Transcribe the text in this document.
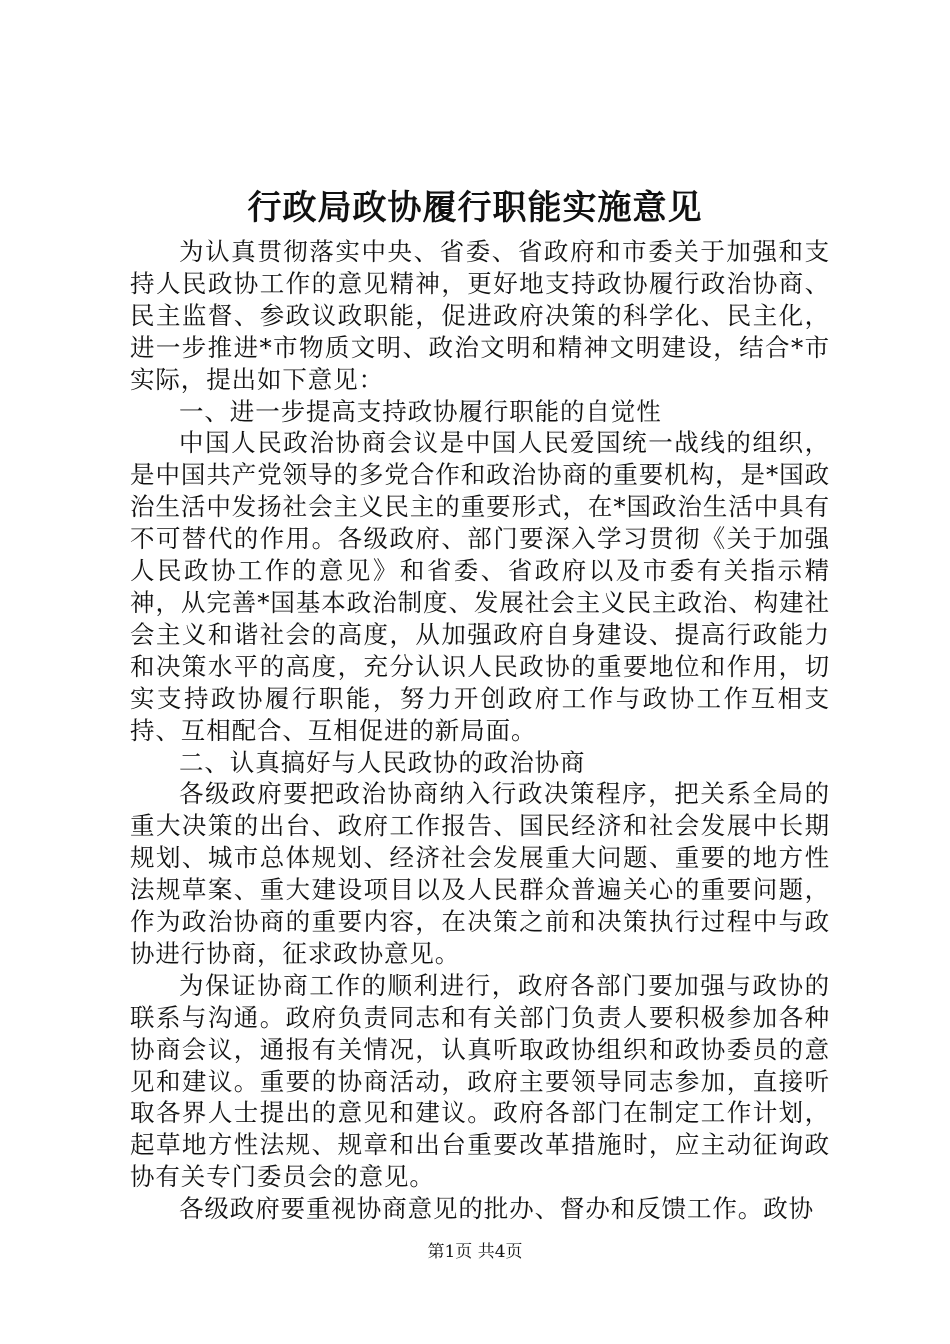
行政局政协履行职能实施意见

为认真贯彻落实中央、省委、省政府和市委关于加强和支持人民政协工作的意见精神，更好地支持政协履行政治协商、民主监督、参政议政职能，促进政府决策的科学化、民主化，进一步推进*市物质文明、政治文明和精神文明建设，结合*市实际，提出如下意见：

一、进一步提高支持政协履行职能的自觉性

中国人民政治协商会议是中国人民爱国统一战线的组织，是中国共产党领导的多党合作和政治协商的重要机构，是*国政治生活中发扬社会主义民主的重要形式，在*国政治生活中具有不可替代的作用。各级政府、部门要深入学习贯彻《关于加强人民政协工作的意见》和省委、省政府以及市委有关指示精神，从完善*国基本政治制度、发展社会主义民主政治、构建社会主义和谐社会的高度，从加强政府自身建设、提高行政能力和决策水平的高度，充分认识人民政协的重要地位和作用，切实支持政协履行职能，努力开创政府工作与政协工作互相支持、互相配合、互相促进的新局面。

二、认真搞好与人民政协的政治协商

各级政府要把政治协商纳入行政决策程序，把关系全局的重大决策的出台、政府工作报告、国民经济和社会发展中长期规划、城市总体规划、经济社会发展重大问题、重要的地方性法规草案、重大建设项目以及人民群众普遍关心的重要问题，作为政治协商的重要内容，在决策之前和决策执行过程中与政协进行协商，征求政协意见。

为保证协商工作的顺利进行，政府各部门要加强与政协的联系与沟通。政府负责同志和有关部门负责人要积极参加各种协商会议，通报有关情况，认真听取政协组织和政协委员的意见和建议。重要的协商活动，政府主要领导同志参加，直接听取各界人士提出的意见和建议。政府各部门在制定工作计划，起草地方性法规、规章和出台重要改革措施时，应主动征询政协有关专门委员会的意见。

各级政府要重视协商意见的批办、督办和反馈工作。政协

第1页 共4页
